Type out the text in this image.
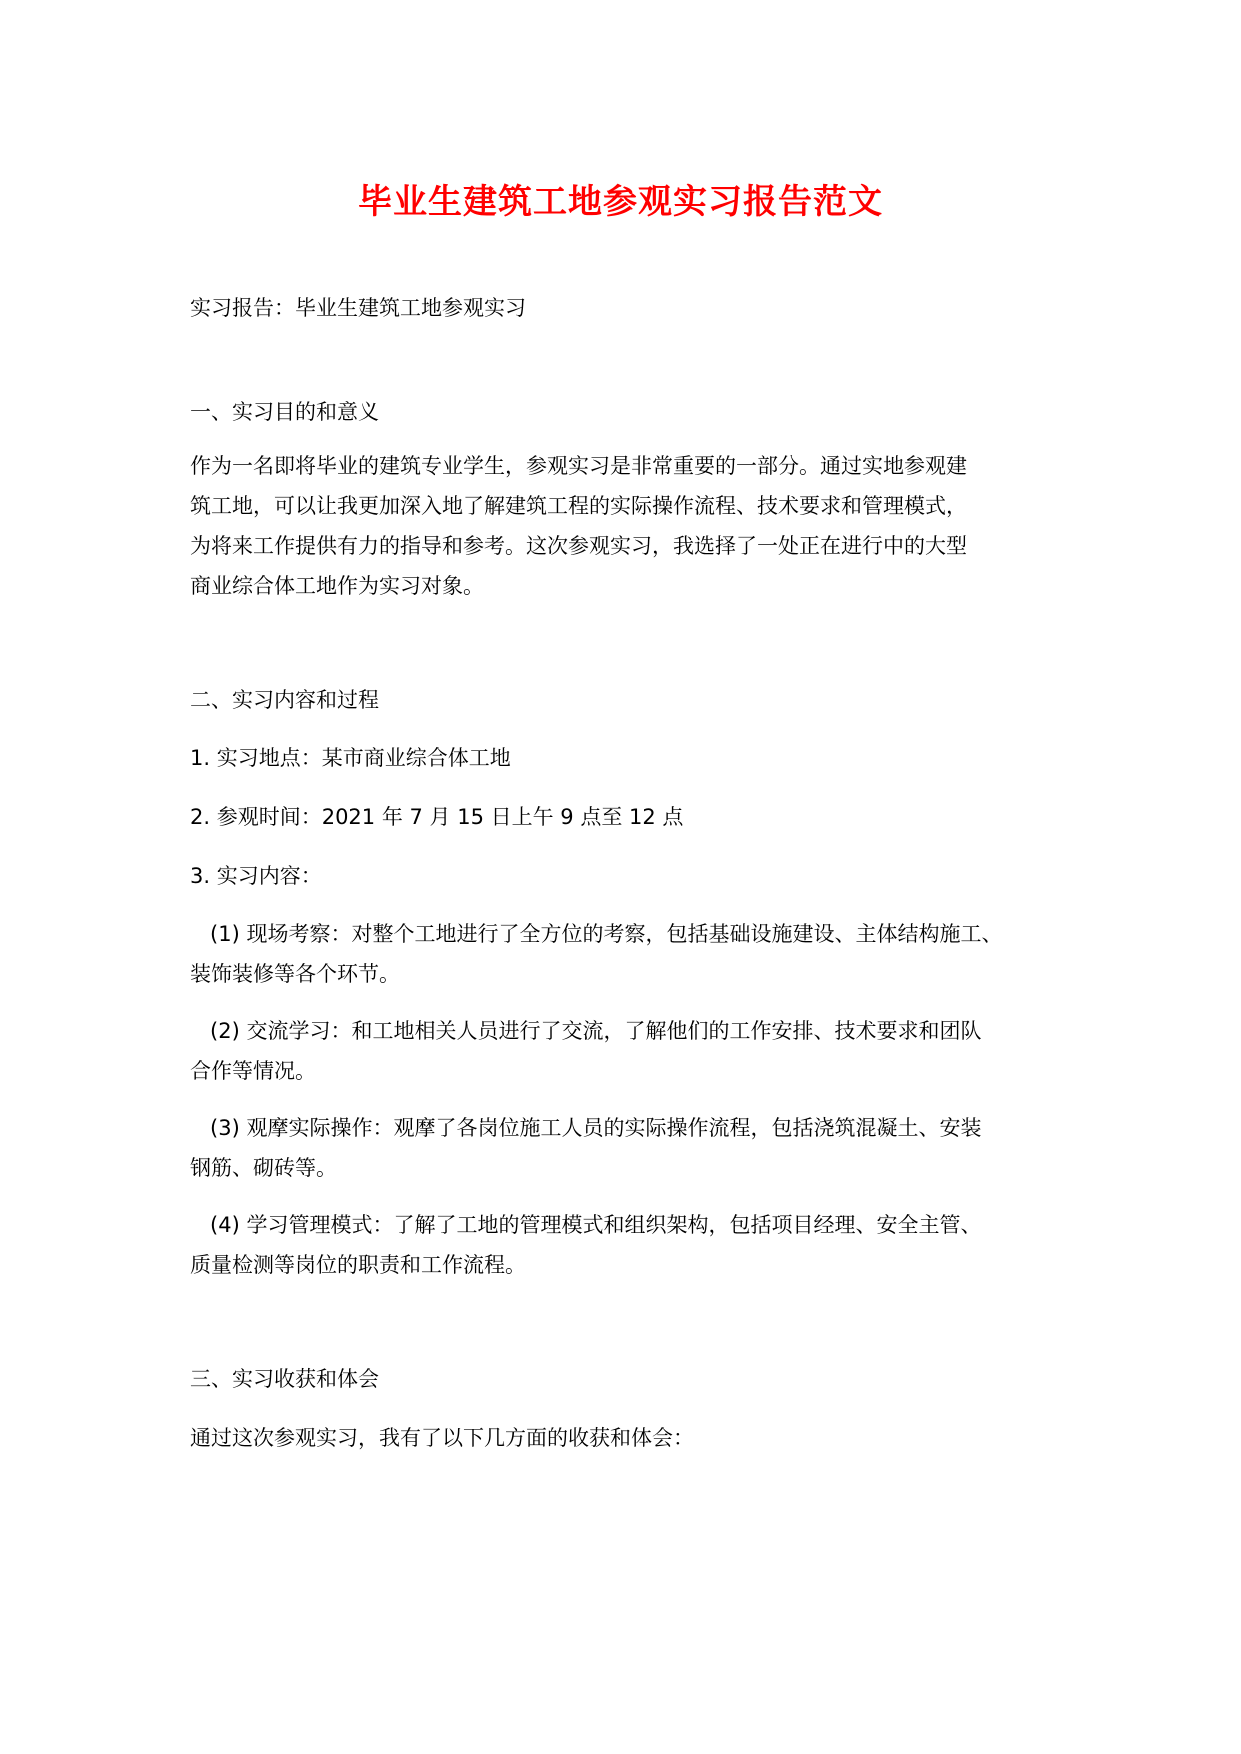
毕业生建筑工地参观实习报告范文

实习报告：毕业生建筑工地参观实习

一、实习目的和意义

作为一名即将毕业的建筑专业学生，参观实习是非常重要的一部分。通过实地参观建
筑工地，可以让我更加深入地了解建筑工程的实际操作流程、技术要求和管理模式，
为将来工作提供有力的指导和参考。这次参观实习，我选择了一处正在进行中的大型
商业综合体工地作为实习对象。

二、实习内容和过程

1. 实习地点：某市商业综合体工地

2. 参观时间：2021 年 7 月 15 日上午 9 点至 12 点

3. 实习内容：

(1) 现场考察：对整个工地进行了全方位的考察，包括基础设施建设、主体结构施工、
装饰装修等各个环节。
(2) 交流学习：和工地相关人员进行了交流，了解他们的工作安排、技术要求和团队
合作等情况。
(3) 观摩实际操作：观摩了各岗位施工人员的实际操作流程，包括浇筑混凝土、安装
钢筋、砌砖等。
(4) 学习管理模式：了解了工地的管理模式和组织架构，包括项目经理、安全主管、
质量检测等岗位的职责和工作流程。

三、实习收获和体会

通过这次参观实习，我有了以下几方面的收获和体会：
